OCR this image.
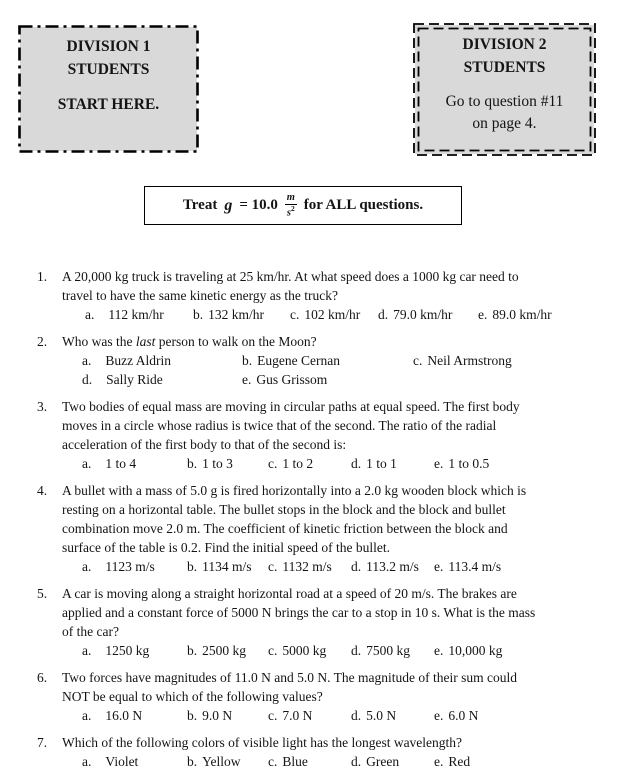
DIVISION 1
STUDENTS
START HERE.
DIVISION 2
STUDENTS
Go to question #11
on page 4.
Treat $g = 10.0 \frac{m}{s^2}$ for ALL questions.
1.	A 20,000 kg truck is traveling at 25 km/hr. At what speed does a 1000 kg car need to
travel to have the same kinetic energy as the truck?
a. 112 km/hr	b. 132 km/hr	c. 102 km/hr	d. 79.0 km/hr	e. 89.0 km/hr
2.	Who was the last person to walk on the Moon?
a. Buzz Aldrin	b. Eugene Cernan	c. Neil Armstrong
d. Sally Ride	e. Gus Grissom
3.	Two bodies of equal mass are moving in circular paths at equal speed. The first body
moves in a circle whose radius is twice that of the second. The ratio of the radial
acceleration of the first body to that of the second is:
a. 1 to 4	b. 1 to 3	c. 1 to 2	d. 1 to 1	e. 1 to 0.5
4.	A bullet with a mass of 5.0 g is fired horizontally into a 2.0 kg wooden block which is
resting on a horizontal table. The bullet stops in the block and the block and bullet
combination move 2.0 m. The coefficient of kinetic friction between the block and
surface of the table is 0.2. Find the initial speed of the bullet.
a. 1123 m/s	b. 1134 m/s	c. 1132 m/s	d. 113.2 m/s	e. 113.4 m/s
5.	A car is moving along a straight horizontal road at a speed of 20 m/s. The brakes are
applied and a constant force of 5000 N brings the car to a stop in 10 s. What is the mass
of the car?
a. 1250 kg	b. 2500 kg	c. 5000 kg	d. 7500 kg	e. 10,000 kg
6.	Two forces have magnitudes of 11.0 N and 5.0 N. The magnitude of their sum could
NOT be equal to which of the following values?
a. 16.0 N	b. 9.0 N	c. 7.0 N	d. 5.0 N	e. 6.0 N
7.	Which of the following colors of visible light has the longest wavelength?
a. Violet	b. Yellow	c. Blue	d. Green	e. Red
